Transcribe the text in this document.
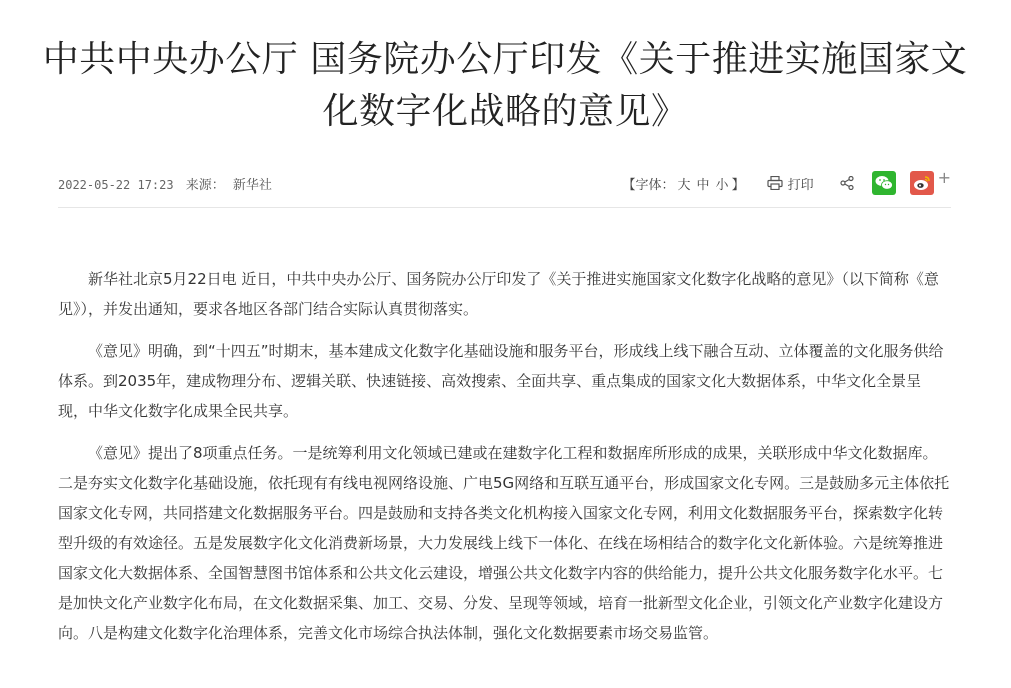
中共中央办公厅 国务院办公厅印发《关于推进实施国家文化数字化战略的意见》
2022-05-22 17:23 来源： 新华社	【字体： 大 中 小 】	打印	+

新华社北京5月22日电 近日，中共中央办公厅、国务院办公厅印发了《关于推进实施国家文化数字化战略的意见》（以下简称《意见》），并发出通知，要求各地区各部门结合实际认真贯彻落实。

《意见》明确，到“十四五”时期末，基本建成文化数字化基础设施和服务平台，形成线上线下融合互动、立体覆盖的文化服务供给体系。到2035年，建成物理分布、逻辑关联、快速链接、高效搜索、全面共享、重点集成的国家文化大数据体系，中华文化全景呈现，中华文化数字化成果全民共享。

《意见》提出了8项重点任务。一是统筹利用文化领域已建或在建数字化工程和数据库所形成的成果，关联形成中华文化数据库。二是夯实文化数字化基础设施，依托现有有线电视网络设施、广电5G网络和互联互通平台，形成国家文化专网。三是鼓励多元主体依托国家文化专网，共同搭建文化数据服务平台。四是鼓励和支持各类文化机构接入国家文化专网，利用文化数据服务平台，探索数字化转型升级的有效途径。五是发展数字化文化消费新场景，大力发展线上线下一体化、在线在场相结合的数字化文化新体验。六是统筹推进国家文化大数据体系、全国智慧图书馆体系和公共文化云建设，增强公共文化数字内容的供给能力，提升公共文化服务数字化水平。七是加快文化产业数字化布局，在文化数据采集、加工、交易、分发、呈现等领域，培育一批新型文化企业，引领文化产业数字化建设方向。八是构建文化数字化治理体系，完善文化市场综合执法体制，强化文化数据要素市场交易监管。
